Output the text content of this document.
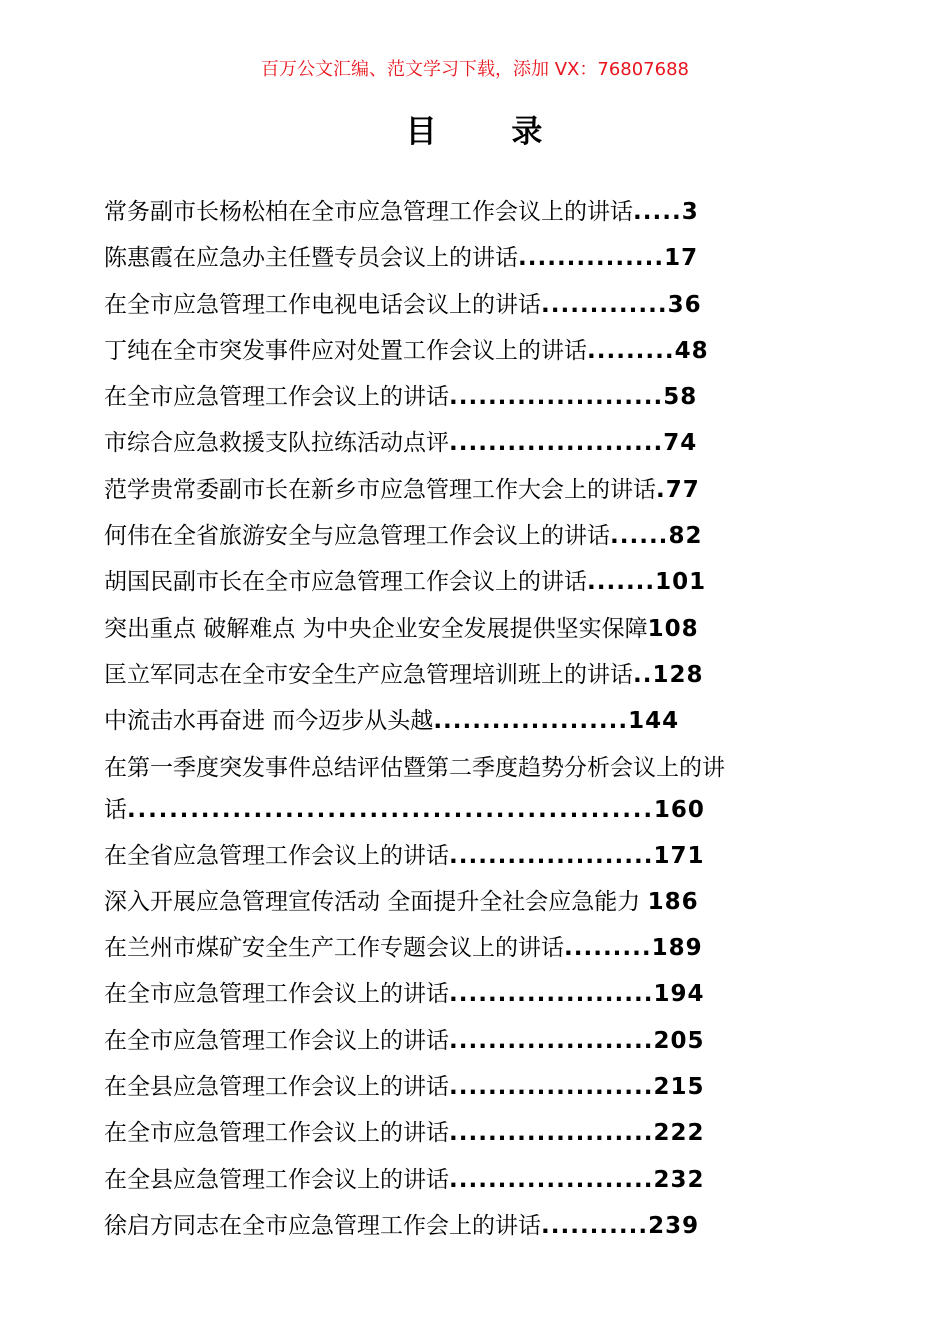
百万公文汇编、范文学习下载，添加 VX：76807688
目 录
常务副市长杨松柏在全市应急管理工作会议上的讲话.....3
陈惠霞在应急办主任暨专员会议上的讲话...............17
在全市应急管理工作电视电话会议上的讲话.............36
丁纯在全市突发事件应对处置工作会议上的讲话.........48
在全市应急管理工作会议上的讲话......................58
市综合应急救援支队拉练活动点评......................74
范学贵常委副市长在新乡市应急管理工作大会上的讲话.77
何伟在全省旅游安全与应急管理工作会议上的讲话......82
胡国民副市长在全市应急管理工作会议上的讲话.......101
突出重点 破解难点 为中央企业安全发展提供坚实保障108
匡立军同志在全市安全生产应急管理培训班上的讲话..128
中流击水再奋进 而今迈步从头越....................144
在第一季度突发事件总结评估暨第二季度趋势分析会议上的讲话..................................................160
在全省应急管理工作会议上的讲话.....................171
深入开展应急管理宣传活动 全面提升全社会应急能力 186
在兰州市煤矿安全生产工作专题会议上的讲话.........189
在全市应急管理工作会议上的讲话.....................194
在全市应急管理工作会议上的讲话.....................205
在全县应急管理工作会议上的讲话.....................215
在全市应急管理工作会议上的讲话.....................222
在全县应急管理工作会议上的讲话.....................232
徐启方同志在全市应急管理工作会上的讲话...........239
